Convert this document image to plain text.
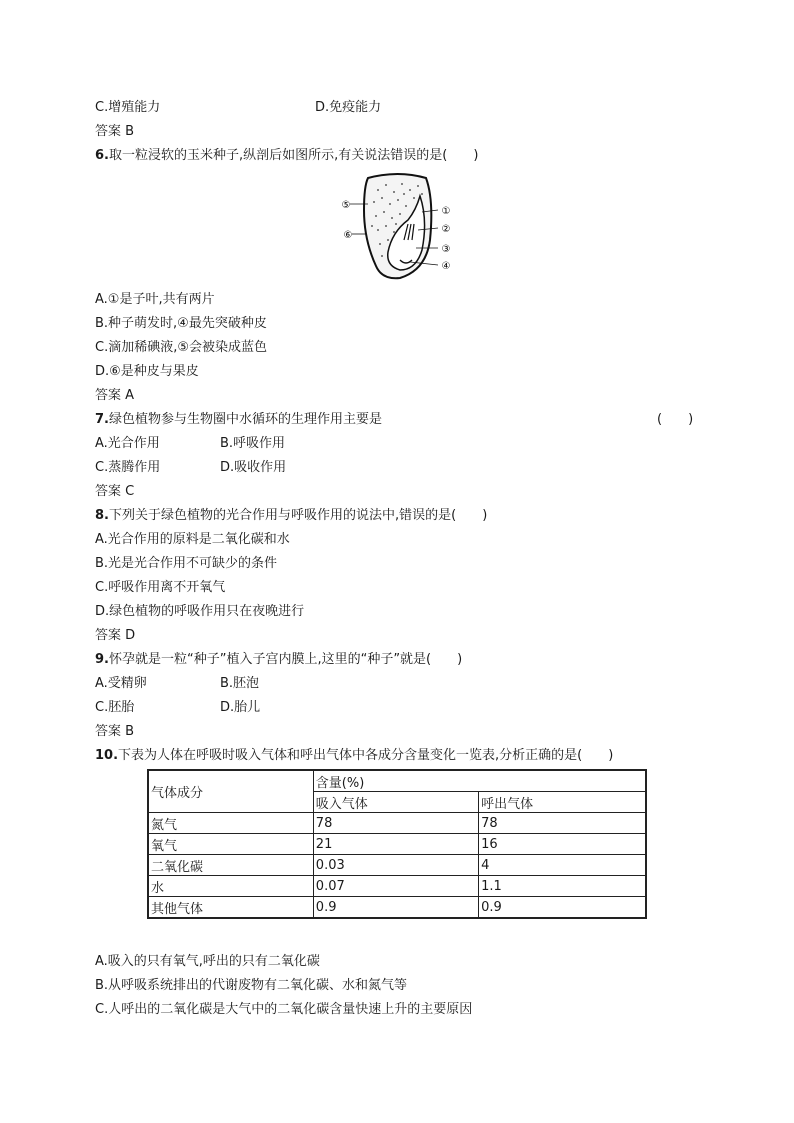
C.增殖能力	D.免疫能力
答案 B
6.取一粒浸软的玉米种子,纵剖后如图所示,有关说法错误的是(　　)
⑤
⑥
①
②
③
④
A.①是子叶,共有两片
B.种子萌发时,④最先突破种皮
C.滴加稀碘液,⑤会被染成蓝色
D.⑥是种皮与果皮
答案 A
7.绿色植物参与生物圈中水循环的生理作用主要是	(　　)
A.光合作用	B.呼吸作用
C.蒸腾作用	D.吸收作用
答案 C
8.下列关于绿色植物的光合作用与呼吸作用的说法中,错误的是(　　)
A.光合作用的原料是二氧化碳和水
B.光是光合作用不可缺少的条件
C.呼吸作用离不开氧气
D.绿色植物的呼吸作用只在夜晚进行
答案 D
9.怀孕就是一粒“种子”植入子宫内膜上,这里的“种子”就是(　　)
A.受精卵	B.胚泡
C.胚胎	D.胎儿
答案 B
10.下表为人体在呼吸时吸入气体和呼出气体中各成分含量变化一览表,分析正确的是(　　)
气体成分	含量(%)	
	吸入气体	呼出气体
氮气	78	78
氧气	21	16
二氧化碳	0.03	4
水	0.07	1.1
其他气体	0.9	0.9
A.吸入的只有氧气,呼出的只有二氧化碳
B.从呼吸系统排出的代谢废物有二氧化碳、水和氮气等
C.人呼出的二氧化碳是大气中的二氧化碳含量快速上升的主要原因
